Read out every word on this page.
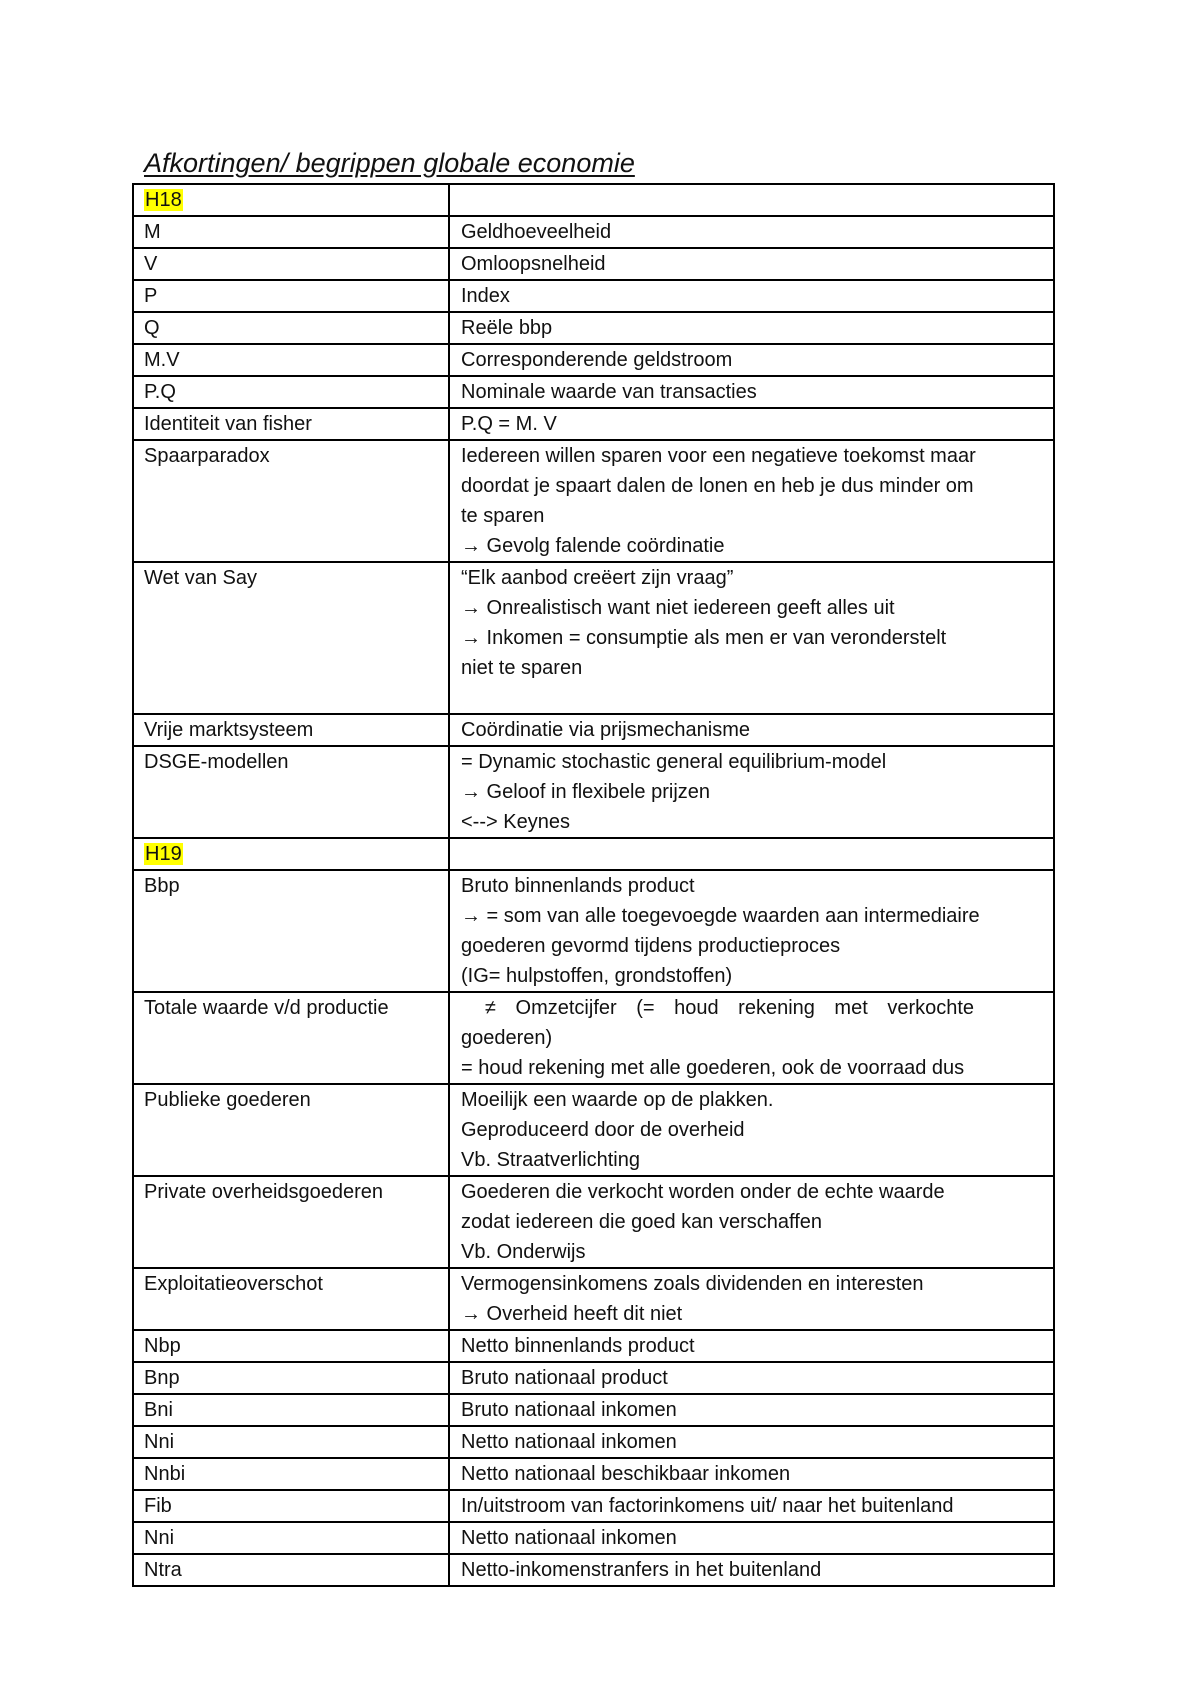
Afkortingen/ begrippen globale economie
H18	

M	Geldhoeveelheid

V	Omloopsnelheid

P	Index

Q	Reële bbp

M.V	Corresponderende geldstroom

P.Q	Nominale waarde van transacties

Identiteit van fisher	P.Q = M. V

Spaarparadox	Iedereen willen sparen voor een negatieve toekomst maar
doordat je spaart dalen de lonen en heb je dus minder om
te sparen
→ Gevolg falende coördinatie

Wet van Say	“Elk aanbod creëert zijn vraag”
→ Onrealistisch want niet iedereen geeft alles uit
→ Inkomen = consumptie als men er van veronderstelt
niet te sparen

Vrije marktsysteem	Coördinatie via prijsmechanisme

DSGE-modellen	= Dynamic stochastic general equilibrium-model
→ Geloof in flexibele prijzen
<--> Keynes

H19	

Bbp	Bruto binnenlands product
→ = som van alle toegevoegde waarden aan intermediaire
goederen gevormd tijdens productieproces
(IG= hulpstoffen, grondstoffen)

Totale waarde v/d productie	≠ Omzetcijfer (= houd rekening met verkochte
goederen)
= houd rekening met alle goederen, ook de voorraad dus

Publieke goederen	Moeilijk een waarde op de plakken.
Geproduceerd door de overheid
Vb. Straatverlichting

Private overheidsgoederen	Goederen die verkocht worden onder de echte waarde
zodat iedereen die goed kan verschaffen
Vb. Onderwijs

Exploitatieoverschot	Vermogensinkomens zoals dividenden en interesten
→ Overheid heeft dit niet

Nbp	Netto binnenlands product

Bnp	Bruto nationaal product

Bni	Bruto nationaal inkomen

Nni	Netto nationaal inkomen

Nnbi	Netto nationaal beschikbaar inkomen

Fib	In/uitstroom van factorinkomens uit/ naar het buitenland

Nni	Netto nationaal inkomen

Ntra	Netto-inkomenstranfers in het buitenland
